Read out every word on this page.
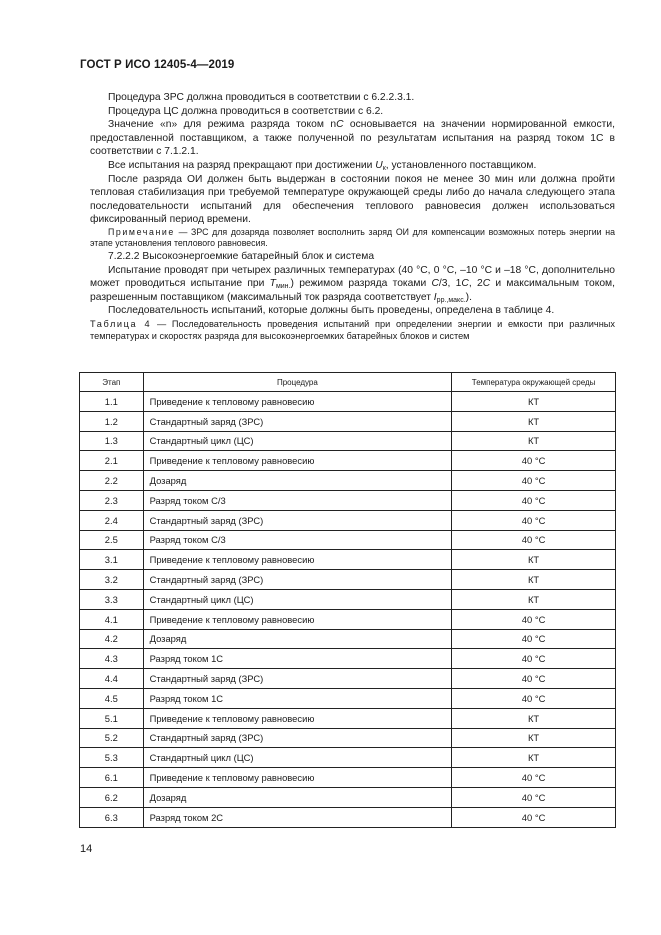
ГОСТ Р ИСО 12405-4—2019

Процедура ЗРС должна проводиться в соответствии с 6.2.2.3.1.

Процедура ЦС должна проводиться в соответствии с 6.2.

Значение «n» для режима разряда током nC основывается на значении нормированной емкости, предоставленной поставщиком, а также полученной по результатам испытания на разряд током 1С в соответствии с 7.1.2.1.

Все испытания на разряд прекращают при достижении $U_к$, установленного поставщиком.

После разряда ОИ должен быть выдержан в состоянии покоя не менее 30 мин или должна пройти тепловая стабилизация при требуемой температуре окружающей среды либо до начала следующего этапа последовательности испытаний для обеспечения теплового равновесия должен использоваться фиксированный период времени.

Примечание — ЗРС для дозаряда позволяет восполнить заряд ОИ для компенсации возможных потерь энергии на этапе установления теплового равновесия.

7.2.2.2 Высокоэнергоемкие батарейный блок и система

Испытание проводят при четырех различных температурах (40 °С, 0 °С, –10 °С и –18 °С, дополнительно может проводиться испытание при $T_{мин.}$) режимом разряда токами С/3, 1С, 2С и максимальным током, разрешенным поставщиком (максимальный ток разряда соответствует $I_{рр.,макс.}$).

Последовательность испытаний, которые должны быть проведены, определена в таблице 4.

Таблица 4 — Последовательность проведения испытаний при определении энергии и емкости при различных температурах и скоростях разряда для высокоэнергоемких батарейных блоков и систем

Этап	Процедура	Температура окружающей среды
1.1	Приведение к тепловому равновесию	КТ
1.2	Стандартный заряд (ЗРС)	КТ
1.3	Стандартный цикл (ЦС)	КТ
2.1	Приведение к тепловому равновесию	40 °С
2.2	Дозаряд	40 °С
2.3	Разряд током С/3	40 °С
2.4	Стандартный заряд (ЗРС)	40 °С
2.5	Разряд током С/3	40 °С
3.1	Приведение к тепловому равновесию	КТ
3.2	Стандартный заряд (ЗРС)	КТ
3.3	Стандартный цикл (ЦС)	КТ
4.1	Приведение к тепловому равновесию	40 °С
4.2	Дозаряд	40 °С
4.3	Разряд током 1С	40 °С
4.4	Стандартный заряд (ЗРС)	40 °С
4.5	Разряд током 1С	40 °С
5.1	Приведение к тепловому равновесию	КТ
5.2	Стандартный заряд (ЗРС)	КТ
5.3	Стандартный цикл (ЦС)	КТ
6.1	Приведение к тепловому равновесию	40 °С
6.2	Дозаряд	40 °С
6.3	Разряд током 2С	40 °С
14
